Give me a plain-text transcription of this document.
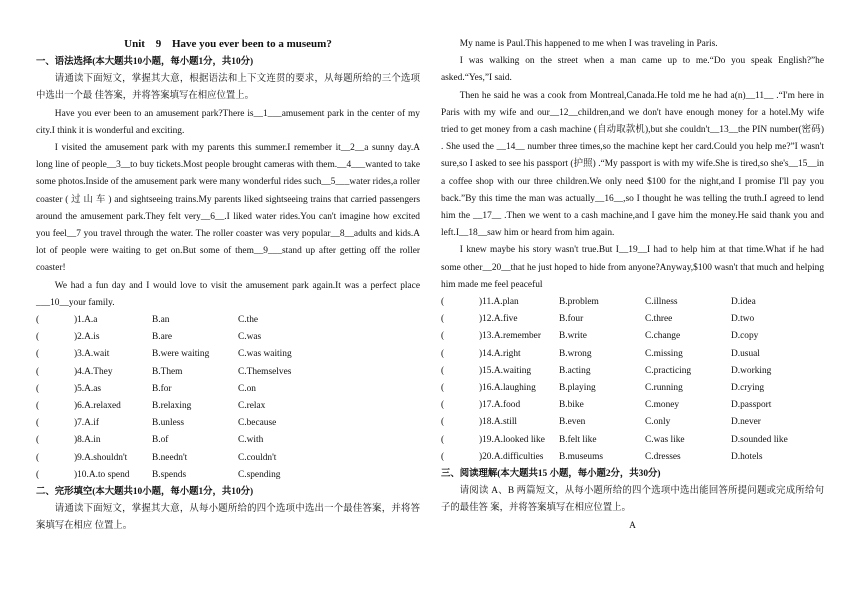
Unit 9 Have you ever been to a museum?
一、语法选择(本大题共10小题，每小题1分，共10分)

请通读下面短文，掌握其大意，根据语法和上下文连贯的要求，从每题所给的三个选项中选出一个最 佳答案，并将答案填写在相应位置上。

Have you ever been to an amusement park?There is__1___amusement park in the center of my city.I think it is wonderful and exciting.

I visited the amusement park with my parents this summer.I remember it__2__a sunny day.A long line of people__3__to buy tickets.Most people brought cameras with them.__4___wanted to take some photos.Inside of the amusement park were many wonderful rides such__5___water rides,a roller coaster ( 过 山 车 ) and sightseeing trains.My parents liked sightseeing trains that carried passengers around the amusement park.They felt very__6__.I liked water rides.You can't imagine how excited you feel__7 you travel through the water. The roller coaster was very popular__8__adults and kids.A lot of people were waiting to get on.But some of them__9___stand up after getting off the roller coaster!

We had a fun day and I would love to visit the amusement park again.It was a perfect place ___10__your family.

(	)1.A.a	B.an	C.the
(	)2.A.is	B.are	C.was
(	)3.A.wait	B.were waiting	C.was waiting
(	)4.A.They	B.Them	C.Themselves
(	)5.A.as	B.for	C.on
(	)6.A.relaxed	B.relaxing	C.relax
(	)7.A.if	B.unless	C.because
(	)8.A.in	B.of	C.with
(	)9.A.shouldn't	B.needn't	C.couldn't
(	)10.A.to spend	B.spends	C.spending
二、完形填空(本大题共10小题，每小题1分，共10分)

请通读下面短文，掌握其大意，从每小题所给的四个选项中选出一个最佳答案，并将答案填写在相应 位置上。

My name is Paul.This happened to me when I was traveling in Paris.

I was walking on the street when a man came up to me.“Do you speak English?”he asked.“Yes,”I said.

Then he said he was a cook from Montreal,Canada.He told me he had a(n)__11__ .“I'm here in Paris with my wife and our__12__children,and we don't have enough money for a hotel.My wife tried to get money from a cash machine (自动取款机),but she couldn't__13__the PIN number(密码) . She used the __14__ number three times,so the machine kept her card.Could you help me?”I wasn't sure,so I asked to see his passport (护照) .“My passport is with my wife.She is tired,so she's__15__in a coffee shop with our three children.We only need $100 for the night,and I promise I'll pay you back.”By this time the man was actually__16__,so I thought he was telling the truth.I agreed to lend him the __17__ .Then we went to a cash machine,and I gave him the money.He said thank you and left.I__18__saw him or heard from him again.

I knew maybe his story wasn't true.But I__19__I had to help him at that time.What if he had some other__20__that he just hoped to hide from anyone?Anyway,$100 wasn't that much and helping him made me feel peaceful

(	)11.A.plan	B.problem	C.illness	D.idea
(	)12.A.five	B.four	C.three	D.two
(	)13.A.remember	B.write	C.change	D.copy
(	)14.A.right	B.wrong	C.missing	D.usual
(	)15.A.waiting	B.acting	C.practicing	D.working
(	)16.A.laughing	B.playing	C.running	D.crying
(	)17.A.food	B.bike	C.money	D.passport
(	)18.A.still	B.even	C.only	D.never
(	)19.A.looked like	B.felt like	C.was like	D.sounded like
(	)20.A.difficulties	B.museums	C.dresses	D.hotels
三、阅读理解(本大题共15 小题，每小题2分，共30分)

请阅读 A、B 两篇短文，从每小题所给的四个选项中选出能回答所提问题或完成所给句子的最佳答 案，并将答案填写在相应位置上。

A
